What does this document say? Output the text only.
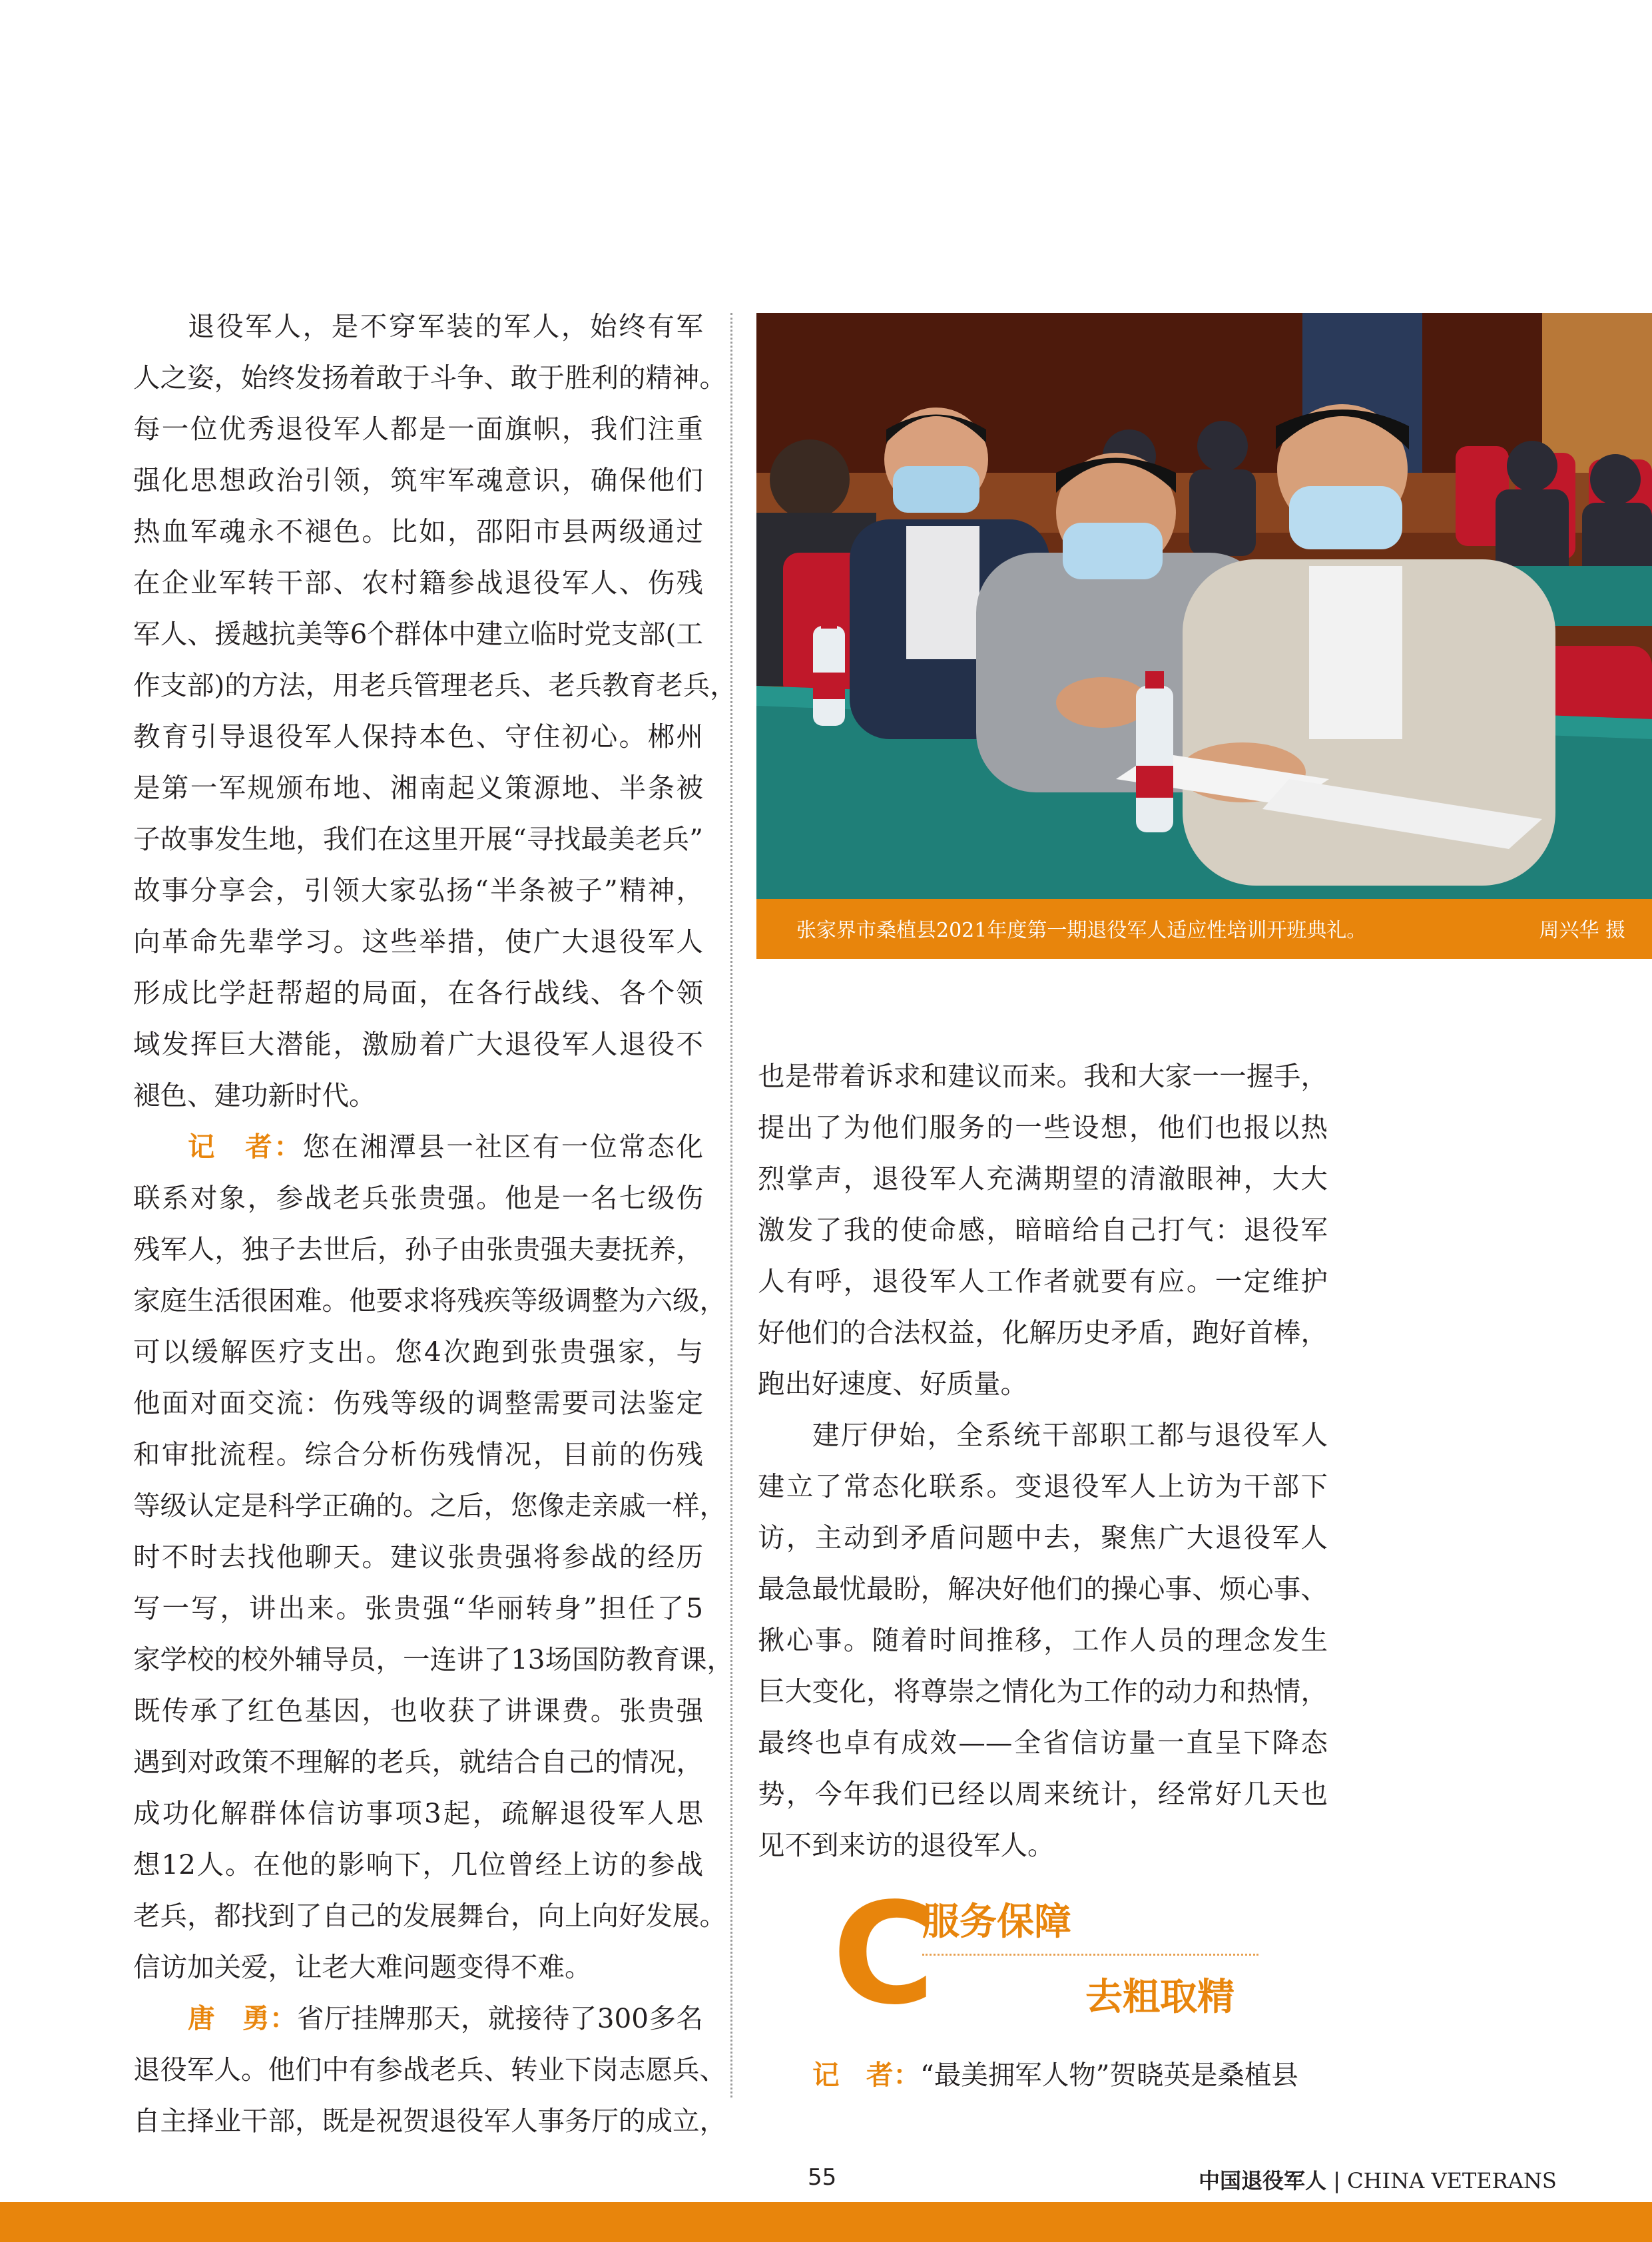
退役军人，是不穿军装的军人，始终有军
人之姿，始终发扬着敢于斗争、敢于胜利的精神。
每一位优秀退役军人都是一面旗帜，我们注重
强化思想政治引领，筑牢军魂意识，确保他们
热血军魂永不褪色。比如，邵阳市县两级通过
在企业军转干部、农村籍参战退役军人、伤残
军人、援越抗美等6个群体中建立临时党支部(工
作支部)的方法，用老兵管理老兵、老兵教育老兵，
教育引导退役军人保持本色、守住初心。郴州
是第一军规颁布地、湘南起义策源地、半条被
子故事发生地，我们在这里开展“寻找最美老兵”
故事分享会，引领大家弘扬“半条被子”精神，
向革命先辈学习。这些举措，使广大退役军人
形成比学赶帮超的局面，在各行战线、各个领
域发挥巨大潜能，激励着广大退役军人退役不
褪色、建功新时代。
记　者：您在湘潭县一社区有一位常态化
联系对象，参战老兵张贵强。他是一名七级伤
残军人，独子去世后，孙子由张贵强夫妻抚养，
家庭生活很困难。他要求将残疾等级调整为六级，
可以缓解医疗支出。您4次跑到张贵强家，与
他面对面交流：伤残等级的调整需要司法鉴定
和审批流程。综合分析伤残情况，目前的伤残
等级认定是科学正确的。之后，您像走亲戚一样，
时不时去找他聊天。建议张贵强将参战的经历
写一写，讲出来。张贵强“华丽转身”担任了5
家学校的校外辅导员，一连讲了13场国防教育课，
既传承了红色基因，也收获了讲课费。张贵强
遇到对政策不理解的老兵，就结合自己的情况，
成功化解群体信访事项3起，疏解退役军人思
想12人。在他的影响下，几位曾经上访的参战
老兵，都找到了自己的发展舞台，向上向好发展。
信访加关爱，让老大难问题变得不难。
唐　勇：省厅挂牌那天，就接待了300多名
退役军人。他们中有参战老兵、转业下岗志愿兵、
自主择业干部，既是祝贺退役军人事务厅的成立，
张家界市桑植县2021年度第一期退役军人适应性培训开班典礼。	周兴华 摄
也是带着诉求和建议而来。我和大家一一握手，
提出了为他们服务的一些设想，他们也报以热
烈掌声，退役军人充满期望的清澈眼神，大大
激发了我的使命感，暗暗给自己打气：退役军
人有呼，退役军人工作者就要有应。一定维护
好他们的合法权益，化解历史矛盾，跑好首棒，
跑出好速度、好质量。
建厅伊始，全系统干部职工都与退役军人
建立了常态化联系。变退役军人上访为干部下
访，主动到矛盾问题中去，聚焦广大退役军人
最急最忧最盼，解决好他们的操心事、烦心事、
揪心事。随着时间推移，工作人员的理念发生
巨大变化，将尊崇之情化为工作的动力和热情，
最终也卓有成效——全省信访量一直呈下降态
势，今年我们已经以周来统计，经常好几天也
见不到来访的退役军人。
C
服务保障
去粗取精
记　者：“最美拥军人物”贺晓英是桑植县
55	中国退役军人 | CHINA VETERANS
